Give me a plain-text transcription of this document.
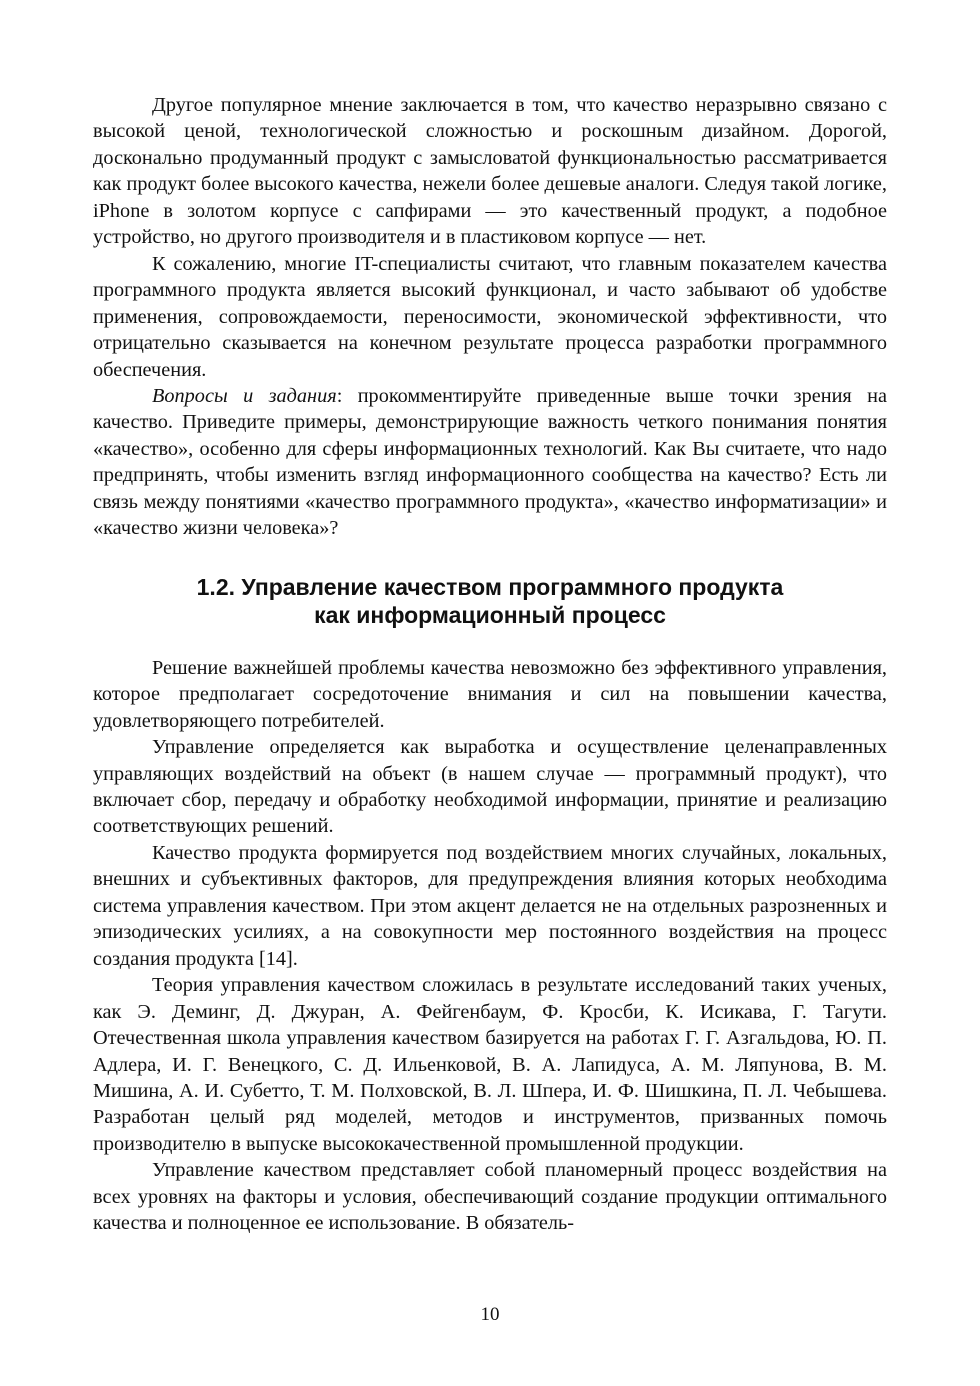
Другое популярное мнение заключается в том, что качество неразрывно связано с высокой ценой, технологической сложностью и роскошным дизайном. Дорогой, досконально продуманный продукт с замысловатой функциональностью рассматривается как продукт более высокого качества, нежели более дешевые аналоги. Следуя такой логике, iPhone в золотом корпусе с сапфирами — это качественный продукт, а подобное устройство, но другого производителя и в пластиковом корпусе — нет.

К сожалению, многие IT-специалисты считают, что главным показателем качества программного продукта является высокий функционал, и часто забывают об удобстве применения, сопровождаемости, переносимости, экономической эффективности, что отрицательно сказывается на конечном результате процесса разработки программного обеспечения.

Вопросы и задания: прокомментируйте приведенные выше точки зрения на качество. Приведите примеры, демонстрирующие важность четкого понимания понятия «качество», особенно для сферы информационных технологий. Как Вы считаете, что надо предпринять, чтобы изменить взгляд информационного сообщества на качество? Есть ли связь между понятиями «качество программного продукта», «качество информатизации» и «качество жизни человека»?

1.2. Управление качеством программного продукта
как информационный процесс

Решение важнейшей проблемы качества невозможно без эффективного управления, которое предполагает сосредоточение внимания и сил на повышении качества, удовлетворяющего потребителей.

Управление определяется как выработка и осуществление целенаправленных управляющих воздействий на объект (в нашем случае — программный продукт), что включает сбор, передачу и обработку необходимой информации, принятие и реализацию соответствующих решений.

Качество продукта формируется под воздействием многих случайных, локальных, внешних и субъективных факторов, для предупреждения влияния которых необходима система управления качеством. При этом акцент делается не на отдельных разрозненных и эпизодических усилиях, а на совокупности мер постоянного воздействия на процесс создания продукта [14].

Теория управления качеством сложилась в результате исследований таких ученых, как Э. Деминг, Д. Джуран, А. Фейгенбаум, Ф. Кросби, К. Исикава, Г. Тагути. Отечественная школа управления качеством базируется на работах Г. Г. Азгальдова, Ю. П. Адлера, И. Г. Венецкого, С. Д. Ильенковой, В. А. Лапидуса, А. М. Ляпунова, В. М. Мишина, А. И. Субетто, Т. М. Полховской, В. Л. Шпера, И. Ф. Шишкина, П. Л. Чебышева. Разработан целый ряд моделей, методов и инструментов, призванных помочь производителю в выпуске высококачественной промышленной продукции.

Управление качеством представляет собой планомерный процесс воздействия на всех уровнях на факторы и условия, обеспечивающий создание продукции оптимального качества и полноценное ее использование. В обязатель-

10
